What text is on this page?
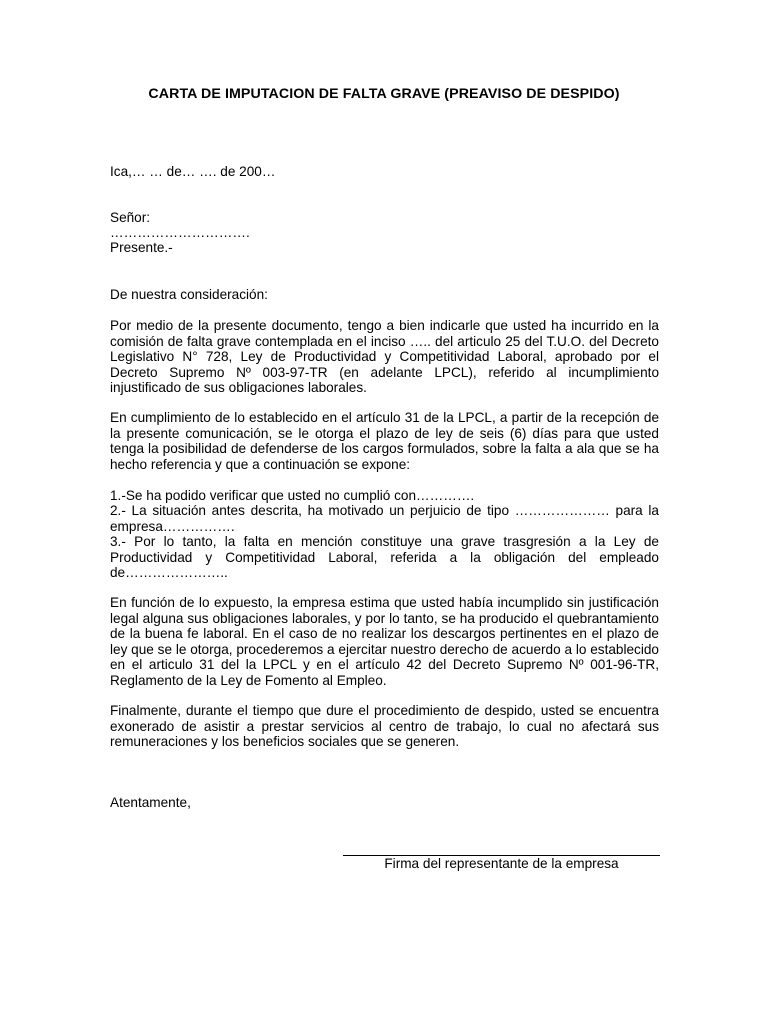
CARTA DE IMPUTACION DE FALTA GRAVE (PREAVISO DE DESPIDO)
Ica,… … de… …. de 200…
Señor:
………………………….
Presente.-
De nuestra consideración:
Por medio de la presente documento, tengo a bien indicarle que usted ha incurrido en la comisión de falta grave contemplada en el inciso ….. del articulo 25 del T.U.O. del Decreto Legislativo N° 728, Ley de Productividad y Competitividad Laboral, aprobado por el Decreto Supremo Nº 003-97-TR (en adelante LPCL), referido al incumplimiento injustificado de sus obligaciones laborales.
En cumplimiento de lo establecido en el artículo 31 de la LPCL, a partir de la recepción de la presente comunicación, se le otorga el plazo de ley de seis (6) días para que usted tenga la posibilidad de defenderse de los cargos formulados, sobre la falta a ala que se ha hecho referencia y que a continuación se expone:
1.-Se ha podido verificar que usted no cumplió con………….
2.- La situación antes descrita, ha motivado un perjuicio de tipo ………………… para la empresa…………….
3.- Por lo tanto, la falta en mención constituye una grave trasgresión a la Ley de Productividad y Competitividad Laboral, referida a la obligación del empleado de…………………..
En función de lo expuesto, la empresa estima que usted había incumplido sin justificación legal alguna sus obligaciones laborales, y por lo tanto, se ha producido el quebrantamiento de la buena fe laboral. En el caso de no realizar los descargos pertinentes en el plazo de ley que se le otorga, procederemos a ejercitar nuestro derecho de acuerdo a lo establecido en el articulo 31 del la LPCL y en el artículo 42 del Decreto Supremo Nº 001-96-TR, Reglamento de la Ley de Fomento al Empleo.
Finalmente, durante el tiempo que dure el procedimiento de despido, usted se encuentra exonerado de asistir a prestar servicios al centro de trabajo, lo cual no afectará sus remuneraciones y los beneficios sociales que se generen.
Atentamente,
Firma del representante de la empresa
